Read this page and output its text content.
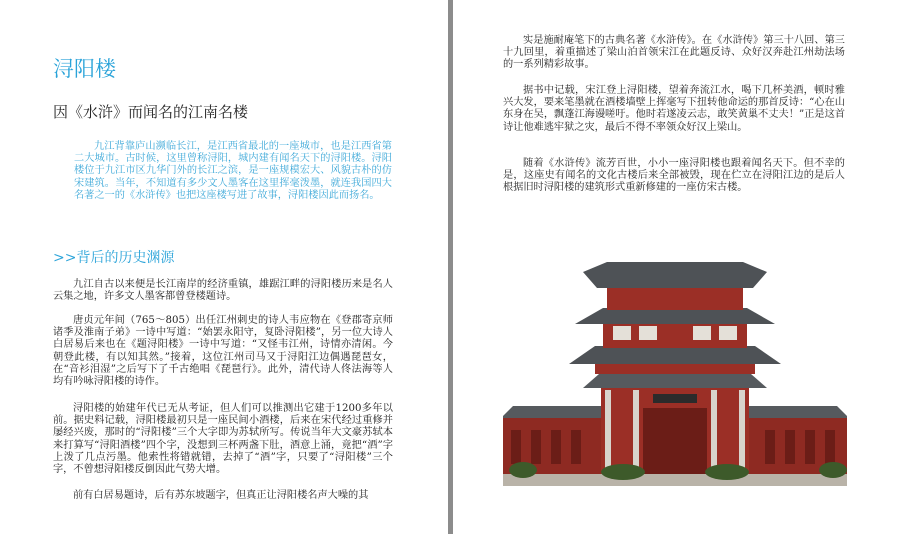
浔阳楼
因《水浒》而闻名的江南名楼

九江背靠庐山濒临长江，是江西省最北的一座城市，也是江西省第二大城市。古时候，这里曾称浔阳，城内建有闻名天下的浔阳楼。浔阳楼位于九江市区九华门外的长江之滨，是一座规模宏大、风貌古朴的仿宋建筑。当年，不知道有多少文人墨客在这里挥毫泼墨，就连我国四大名著之一的《水浒传》也把这座楼写进了故事，浔阳楼因此而扬名。

>>背后的历史渊源

九江自古以来便是长江南岸的经济重镇，雄踞江畔的浔阳楼历来是名人云集之地，许多文人墨客都曾登楼题诗。

唐贞元年间（765～805）出任江州刺史的诗人韦应物在《登郡寄京师诸季及淮南子弟》一诗中写道：“始罢永阳守，复卧浔阳楼”，另一位大诗人白居易后来也在《题浔阳楼》一诗中写道：“又怪韦江州，诗情亦清闲。今朝登此楼，有以知其然。”接着，这位江州司马又于浔阳江边偶遇琵琶女，在“音衫泪湿”之后写下了千古绝唱《琵琶行》。此外，清代诗人佟法海等人均有吟咏浔阳楼的诗作。

浔阳楼的始建年代已无从考证，但人们可以推测出它建于1200多年以前。据史料记载，浔阳楼最初只是一座民间小酒楼，后来在宋代经过重修并屡经兴废，那时的“浔阳楼”三个大字即为苏轼所写。传说当年大文豪苏轼本来打算写“浔阳酒楼”四个字，没想到三杯两盏下肚，酒意上涌，竟把“酒”字上泼了几点污墨。他索性将错就错，去掉了“酒”字，只要了“浔阳楼”三个字，不曾想浔阳楼反倒因此气势大增。

前有白居易题诗，后有苏东坡题字，但真正让浔阳楼名声大噪的其

实是施耐庵笔下的古典名著《水浒传》。在《水浒传》第三十八回、第三十九回里，着重描述了梁山泊首领宋江在此题反诗、众好汉奔赴江州劫法场的一系列精彩故事。

据书中记载，宋江登上浔阳楼，望着奔流江水，喝下几杯美酒，顿时雅兴大发，要来笔墨就在酒楼墙壁上挥毫写下扭转他命运的那首反诗：“心在山东身在吴，飘蓬江海谩嗟吁。他时若遂凌云志，敢笑黄巢不丈夫！”正是这首诗让他难逃牢狱之灾，最后不得不率领众好汉上梁山。

随着《水浒传》流芳百世，小小一座浔阳楼也跟着闻名天下。但不幸的是，这座史有闻名的文化古楼后来全部被毁，现在伫立在浔阳江边的是后人根据旧时浔阳楼的建筑形式重新修建的一座仿宋古楼。
